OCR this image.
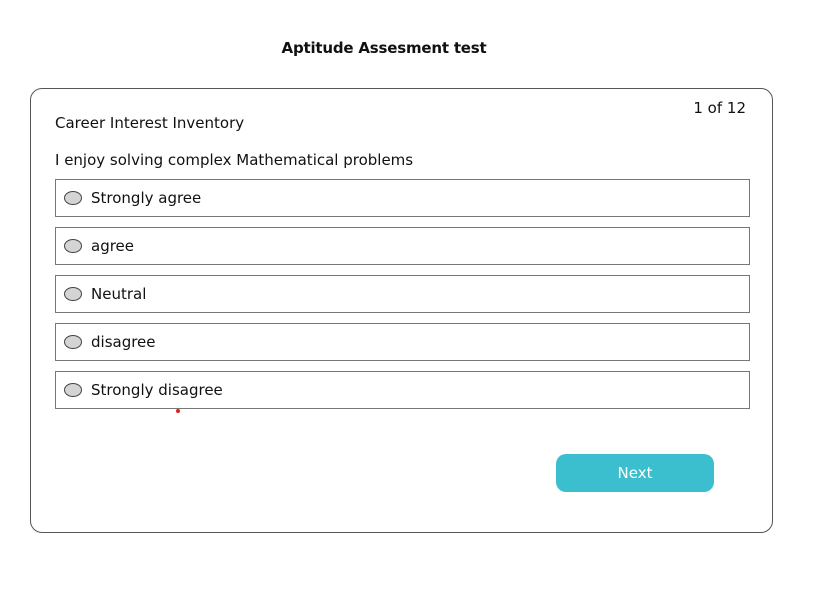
Aptitude Assesment test
1 of 12
Career Interest Inventory
I enjoy solving complex Mathematical problems
Strongly agree
agree
Neutral
disagree
Strongly disagree
Next
